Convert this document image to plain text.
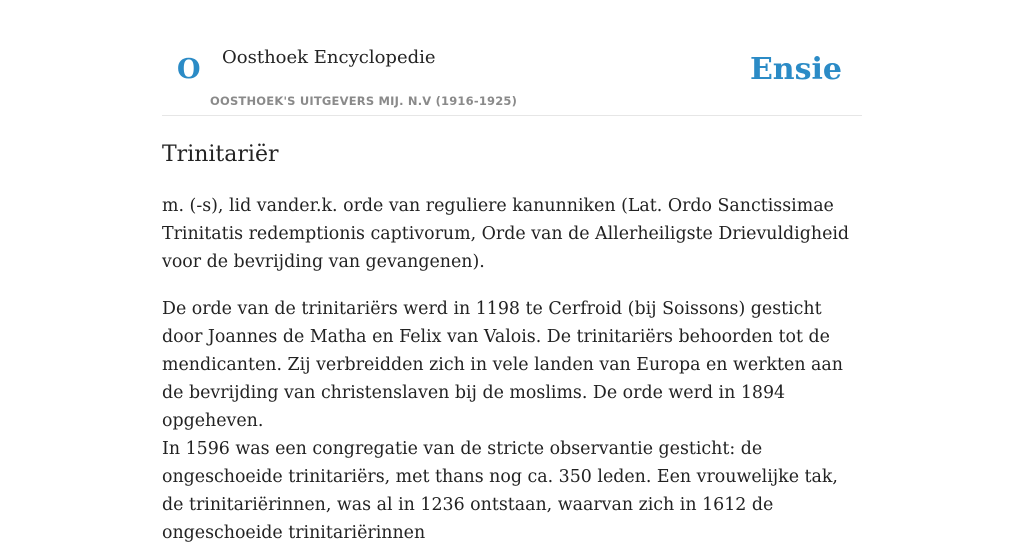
O Oosthoek Encyclopedie
OOSTHOEK'S UITGEVERS MIJ. N.V (1916-1925)
Ensie
Trinitariër

m. (-s), lid vander.k. orde van reguliere kanunniken (Lat. Ordo Sanctissimae Trinitatis redemptionis captivorum, Orde van de Allerheiligste Drievuldigheid voor de bevrijding van gevangenen).

De orde van de trinitariërs werd in 1198 te Cerfroid (bij Soissons) gesticht door Joannes de Matha en Felix van Valois. De trinitariërs behoorden tot de mendicanten. Zij verbreidden zich in vele landen van Europa en werkten aan de bevrijding van christenslaven bij de moslims. De orde werd in 1894 opgeheven.

In 1596 was een congregatie van de stricte observantie gesticht: de ongeschoeide trinitariërs, met thans nog ca. 350 leden. Een vrouwelijke tak, de trinitariërinnen, was al in 1236 ontstaan, waarvan zich in 1612 de ongeschoeide trinitariërinnen
